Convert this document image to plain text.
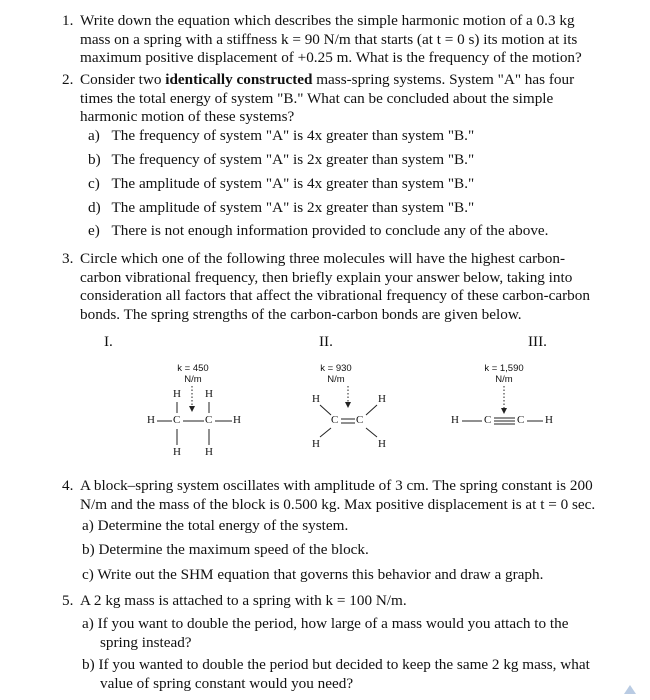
1. Write down the equation which describes the simple harmonic motion of a 0.3 kg
mass on a spring with a stiffness k = 90 N/m that starts (at t = 0 s) its motion at its
maximum positive displacement of +0.25 m. What is the frequency of the motion?
2. Consider two identically constructed mass-spring systems. System "A" has four
times the total energy of system "B." What can be concluded about the simple
harmonic motion of these systems?
a) The frequency of system "A" is 4x greater than system "B."
b) The frequency of system "A" is 2x greater than system "B."
c) The amplitude of system "A" is 4x greater than system "B."
d) The amplitude of system "A" is 2x greater than system "B."
e) There is not enough information provided to conclude any of the above.
3. Circle which one of the following three molecules will have the highest carbon-
carbon vibrational frequency, then briefly explain your answer below, taking into
consideration all factors that affect the vibrational frequency of these carbon-carbon
bonds. The spring strengths of the carbon-carbon bonds are given below.
I.	II.	III.
k = 450
N/m
k = 930
N/m
k = 1,590
N/m
H H
H C C H
H H
H	H
C C
H	H
H C C H
4. A block–spring system oscillates with amplitude of 3 cm. The spring constant is 200
N/m and the mass of the block is 0.500 kg. Max positive displacement is at t = 0 sec.
a) Determine the total energy of the system.
b) Determine the maximum speed of the block.
c) Write out the SHM equation that governs this behavior and draw a graph.
5. A 2 kg mass is attached to a spring with k = 100 N/m.
a) If you want to double the period, how large of a mass would you attach to the
spring instead?
b) If you wanted to double the period but decided to keep the same 2 kg mass, what
value of spring constant would you need?
